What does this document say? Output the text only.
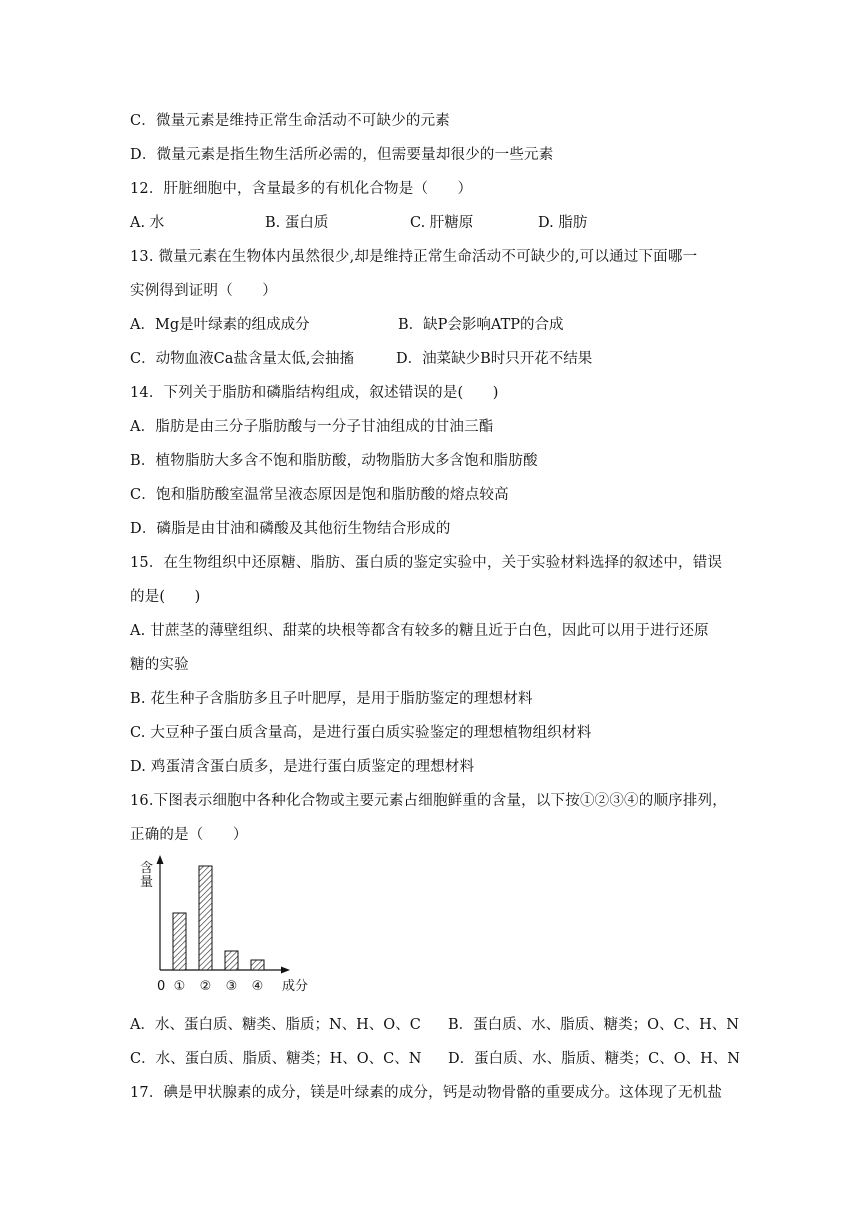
C．微量元素是维持正常生命活动不可缺少的元素
D．微量元素是指生物生活所必需的，但需要量却很少的一些元素
12．肝脏细胞中，含量最多的有机化合物是（　　）
A. 水	B. 蛋白质	C. 肝糖原	D. 脂肪
13. 微量元素在生物体内虽然很少,却是维持正常生命活动不可缺少的,可以通过下面哪一
实例得到证明（　　）
A．Mg是叶绿素的组成成分	B．缺P会影响ATP的合成
C．动物血液Ca盐含量太低,会抽搐	D．油菜缺少B时只开花不结果
14．下列关于脂肪和磷脂结构组成，叙述错误的是(　　)
A．脂肪是由三分子脂肪酸与一分子甘油组成的甘油三酯
B．植物脂肪大多含不饱和脂肪酸，动物脂肪大多含饱和脂肪酸
C．饱和脂肪酸室温常呈液态原因是饱和脂肪酸的熔点较高
D．磷脂是由甘油和磷酸及其他衍生物结合形成的
15．在生物组织中还原糖、脂肪、蛋白质的鉴定实验中，关于实验材料选择的叙述中，错误
的是(　　)
A. 甘蔗茎的薄壁组织、甜菜的块根等都含有较多的糖且近于白色，因此可以用于进行还原
糖的实验
B. 花生种子含脂肪多且子叶肥厚，是用于脂肪鉴定的理想材料
C. 大豆种子蛋白质含量高，是进行蛋白质实验鉴定的理想植物组织材料
D. 鸡蛋清含蛋白质多，是进行蛋白质鉴定的理想材料
16.下图表示细胞中各种化合物或主要元素占细胞鲜重的含量，以下按①②③④的顺序排列，
正确的是（　　）
含
量
0	成分
① ② ③ ④
A．水、蛋白质、糖类、脂质；N、H、O、C B．蛋白质、水、脂质、糖类；O、C、H、N
C．水、蛋白质、脂质、糖类；H、O、C、N D．蛋白质、水、脂质、糖类；C、O、H、N
17．碘是甲状腺素的成分，镁是叶绿素的成分，钙是动物骨骼的重要成分。这体现了无机盐
